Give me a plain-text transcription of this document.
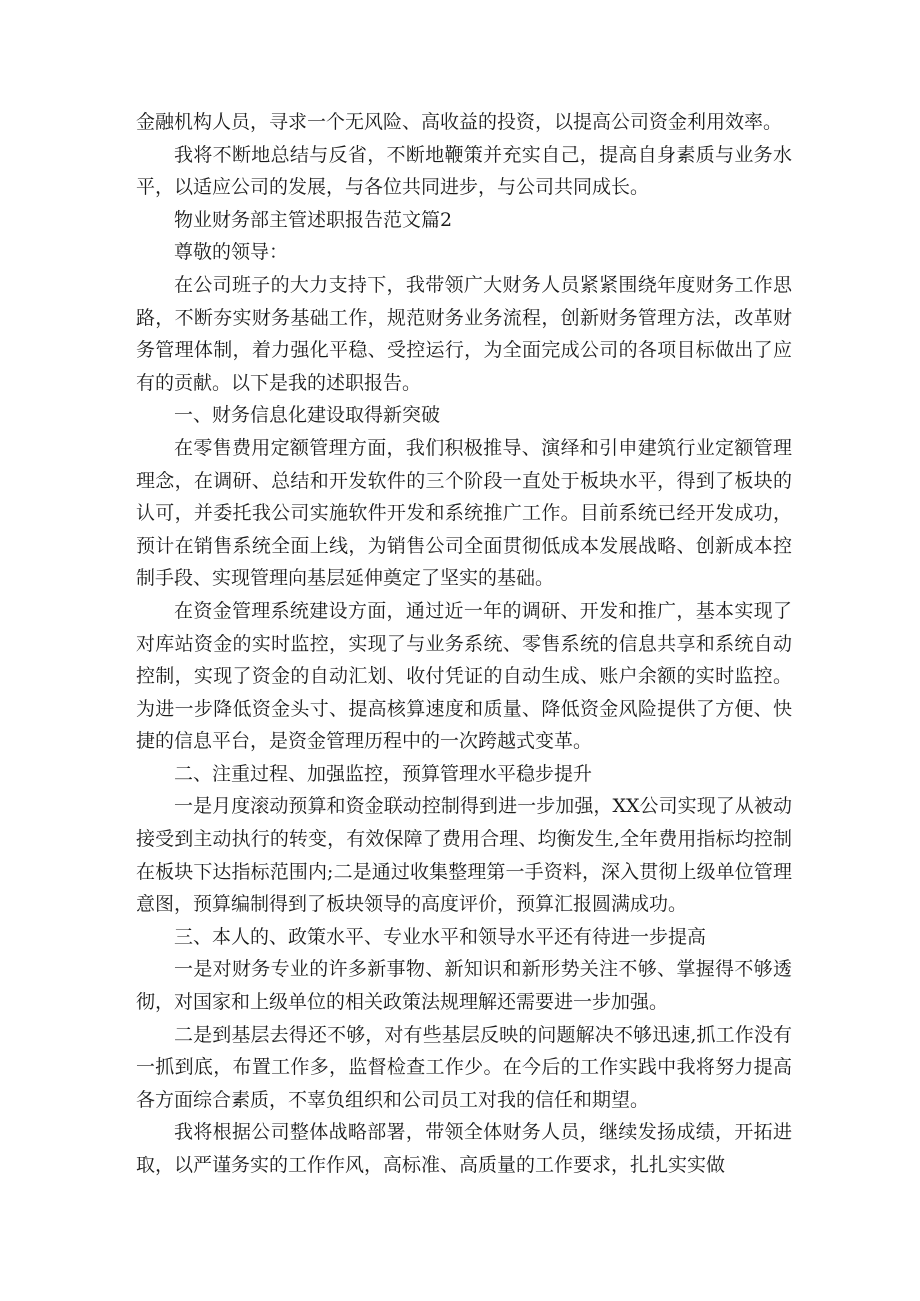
金融机构人员，寻求一个无风险、高收益的投资，以提高公司资金利用效率。

我将不断地总结与反省，不断地鞭策并充实自己，提高自身素质与业务水平，以适应公司的发展，与各位共同进步，与公司共同成长。

物业财务部主管述职报告范文篇2

尊敬的领导：

在公司班子的大力支持下，我带领广大财务人员紧紧围绕年度财务工作思路，不断夯实财务基础工作，规范财务业务流程，创新财务管理方法，改革财务管理体制，着力强化平稳、受控运行，为全面完成公司的各项目标做出了应有的贡献。以下是我的述职报告。

一、财务信息化建设取得新突破

在零售费用定额管理方面，我们积极推导、演绎和引申建筑行业定额管理理念，在调研、总结和开发软件的三个阶段一直处于板块水平，得到了板块的认可，并委托我公司实施软件开发和系统推广工作。目前系统已经开发成功，预计在销售系统全面上线，为销售公司全面贯彻低成本发展战略、创新成本控制手段、实现管理向基层延伸奠定了坚实的基础。

在资金管理系统建设方面，通过近一年的调研、开发和推广，基本实现了对库站资金的实时监控，实现了与业务系统、零售系统的信息共享和系统自动控制，实现了资金的自动汇划、收付凭证的自动生成、账户余额的实时监控。为进一步降低资金头寸、提高核算速度和质量、降低资金风险提供了方便、快捷的信息平台，是资金管理历程中的一次跨越式变革。

二、注重过程、加强监控，预算管理水平稳步提升

一是月度滚动预算和资金联动控制得到进一步加强，XX公司实现了从被动接受到主动执行的转变，有效保障了费用合理、均衡发生,全年费用指标均控制在板块下达指标范围内;二是通过收集整理第一手资料，深入贯彻上级单位管理意图，预算编制得到了板块领导的高度评价，预算汇报圆满成功。

三、本人的、政策水平、专业水平和领导水平还有待进一步提高

一是对财务专业的许多新事物、新知识和新形势关注不够、掌握得不够透彻，对国家和上级单位的相关政策法规理解还需要进一步加强。

二是到基层去得还不够，对有些基层反映的问题解决不够迅速,抓工作没有一抓到底，布置工作多，监督检查工作少。在今后的工作实践中我将努力提高各方面综合素质，不辜负组织和公司员工对我的信任和期望。

我将根据公司整体战略部署，带领全体财务人员，继续发扬成绩，开拓进取，以严谨务实的工作作风，高标准、高质量的工作要求，扎扎实实做
